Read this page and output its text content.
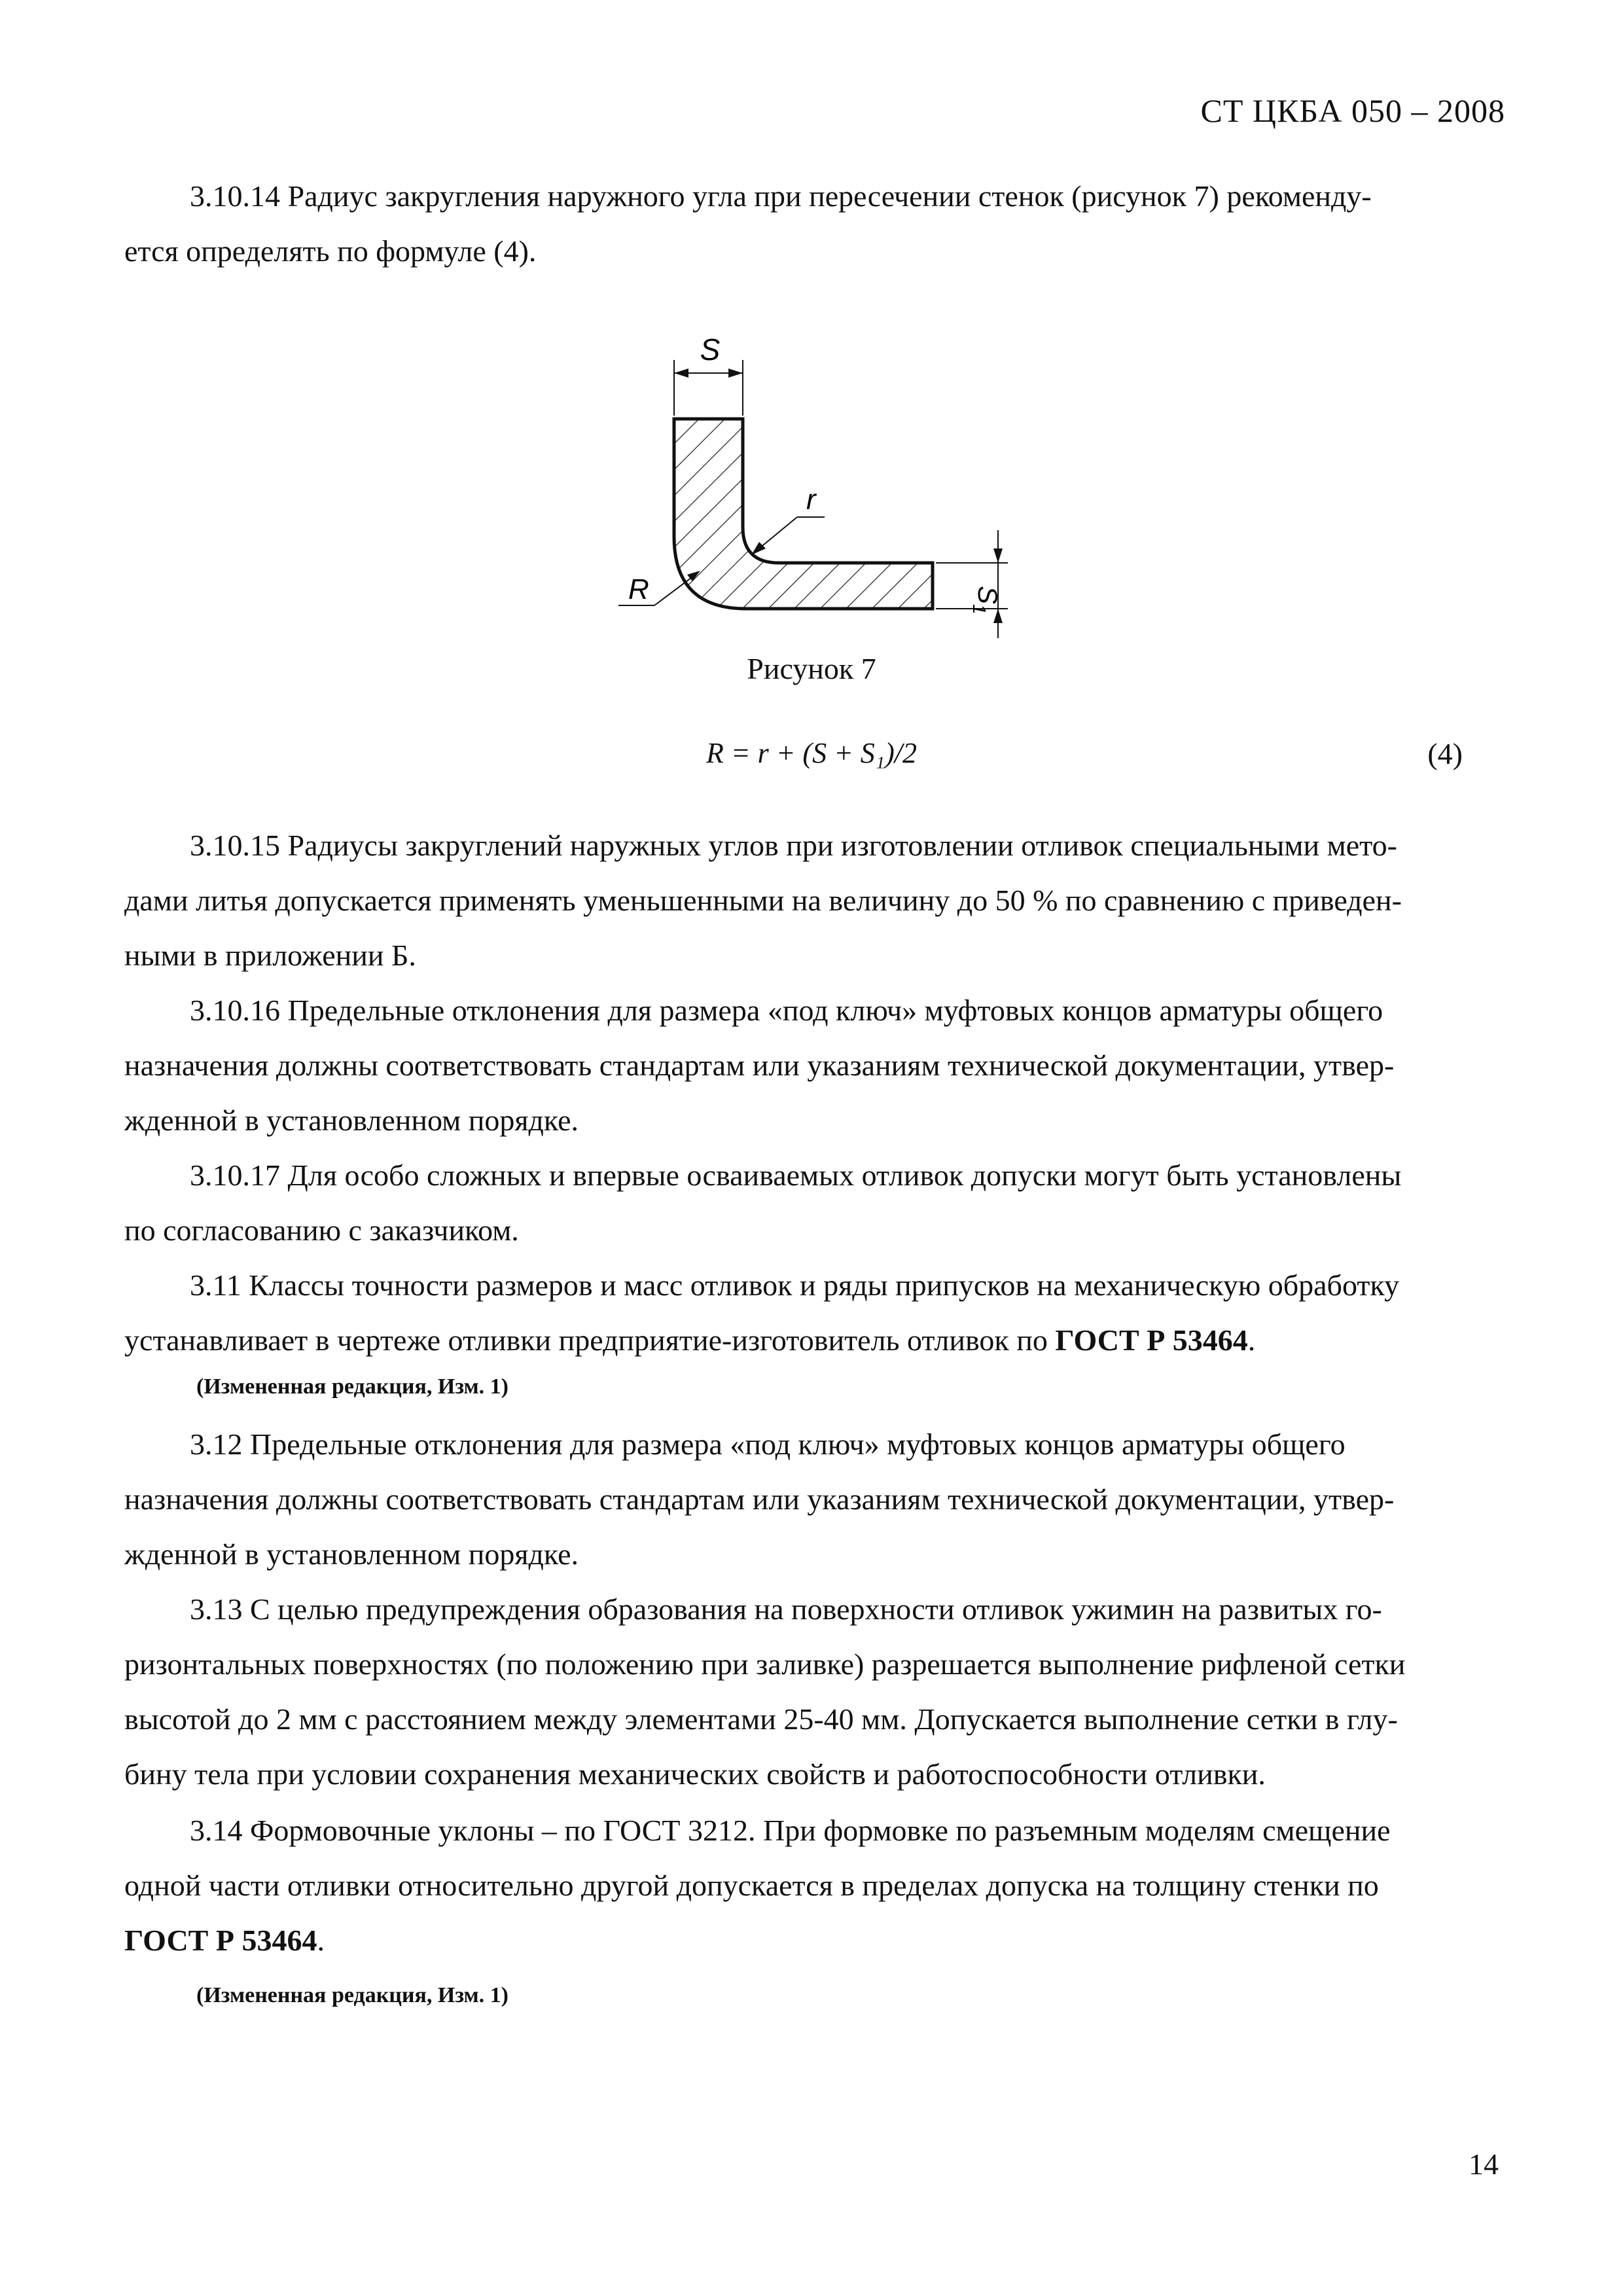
СТ ЦКБА 050 – 2008
3.10.14 Радиус закругления наружного угла при пересечении стенок (рисунок 7) рекоменду-
ется определять по формуле (4).
S
r
R	S1
Рисунок 7
R = r + (S + S₁)/2	(4)
3.10.15 Радиусы закруглений наружных углов при изготовлении отливок специальными мето-
дами литья допускается применять уменьшенными на величину до 50 % по сравнению с приведен-
ными в приложении Б.
3.10.16 Предельные отклонения для размера «под ключ» муфтовых концов арматуры общего
назначения должны соответствовать стандартам или указаниям технической документации, утвер-
жденной в установленном порядке.
3.10.17 Для особо сложных и впервые осваиваемых отливок допуски могут быть установлены
по согласованию с заказчиком.
3.11 Классы точности размеров и масс отливок и ряды припусков на механическую обработку
устанавливает в чертеже отливки предприятие-изготовитель отливок по ГОСТ Р 53464.
(Измененная редакция, Изм. 1)
3.12 Предельные отклонения для размера «под ключ» муфтовых концов арматуры общего
назначения должны соответствовать стандартам или указаниям технической документации, утвер-
жденной в установленном порядке.
3.13 С целью предупреждения образования на поверхности отливок ужимин на развитых го-
ризонтальных поверхностях (по положению при заливке) разрешается выполнение рифленой сетки
высотой до 2 мм с расстоянием между элементами 25-40 мм. Допускается выполнение сетки в глу-
бину тела при условии сохранения механических свойств и работоспособности отливки.
3.14 Формовочные уклоны – по ГОСТ 3212. При формовке по разъемным моделям смещение
одной части отливки относительно другой допускается в пределах допуска на толщину стенки по
ГОСТ Р 53464.
(Измененная редакция, Изм. 1)
14
